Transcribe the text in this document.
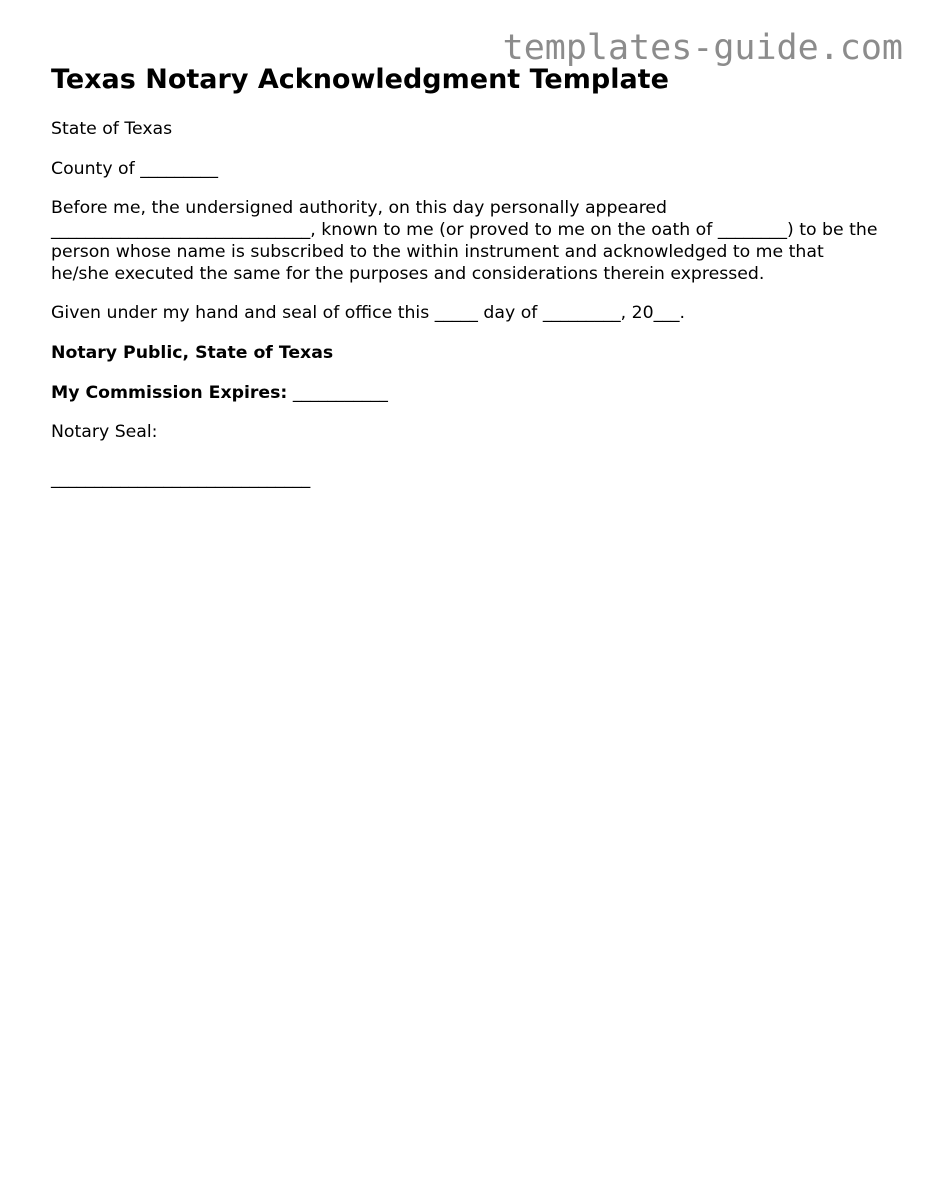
templates-guide.com
Texas Notary Acknowledgment Template

State of Texas

County of _________

Before me, the undersigned authority, on this day personally appeared ______________________________, known to me (or proved to me on the oath of ________) to be the person whose name is subscribed to the within instrument and acknowledged to me that he/she executed the same for the purposes and considerations therein expressed.

Given under my hand and seal of office this _____ day of _________, 20___.

Notary Public, State of Texas

My Commission Expires: ___________

Notary Seal:

______________________________
